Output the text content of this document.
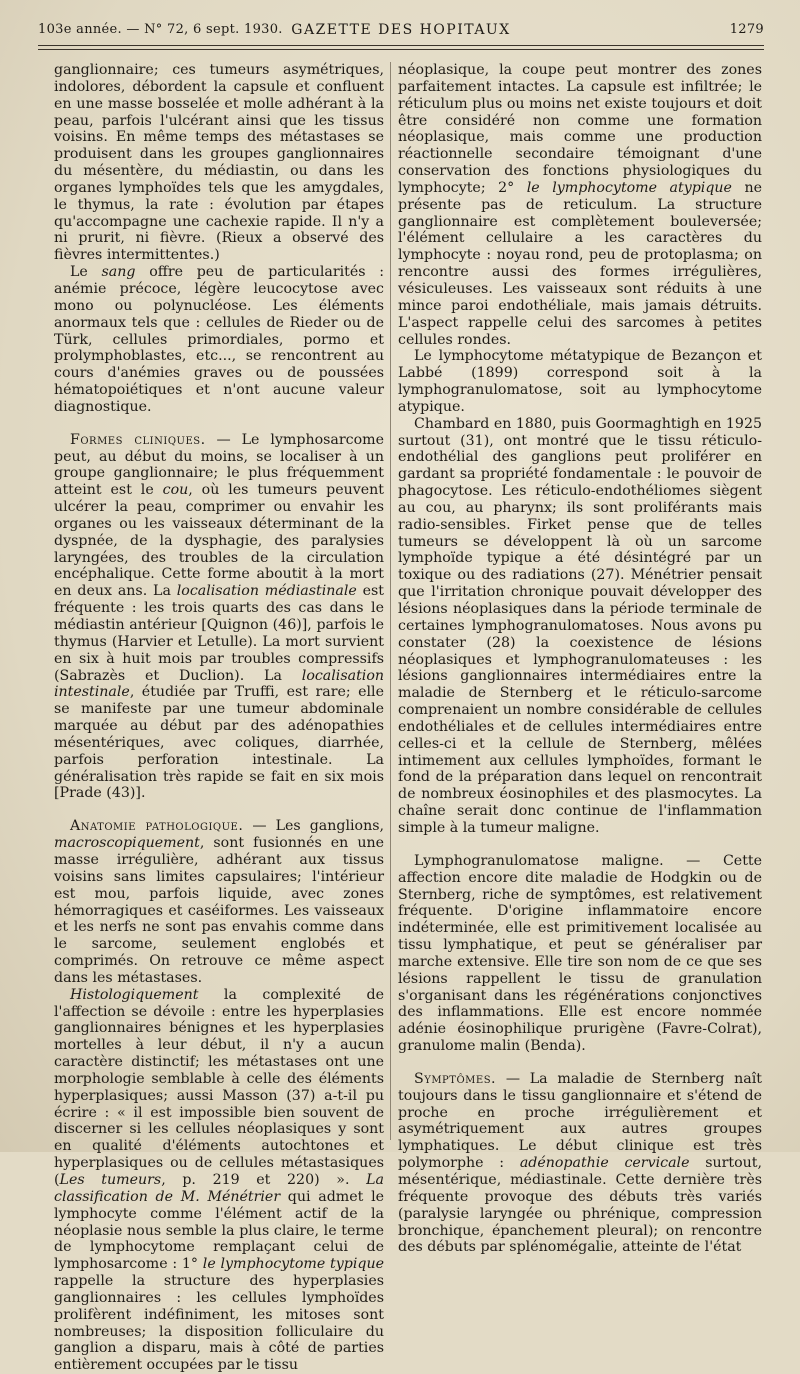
103e année. — N° 72, 6 sept. 1930. GAZETTE DES HOPITAUX	1279

ganglionnaire; ces tumeurs asymétriques, indolores, débordent la capsule et confluent en une masse bosselée et molle adhérant à la peau, parfois l'ulcérant ainsi que les tissus voisins. En même temps des métastases se produisent dans les groupes ganglionnaires du mésentère, du médiastin, ou dans les organes lymphoïdes tels que les amygdales, le thymus, la rate : évolution par étapes qu'accompagne une cachexie rapide. Il n'y a ni prurit, ni fièvre. (Rieux a observé des fièvres intermittentes.)

Le sang offre peu de particularités : anémie précoce, légère leucocytose avec mono ou polynucléose. Les éléments anormaux tels que : cellules de Rieder ou de Türk, cellules primordiales, pormo et prolymphoblastes, etc..., se rencontrent au cours d'anémies graves ou de poussées hématopoiétiques et n'ont aucune valeur diagnostique.

Formes cliniques. — Le lymphosarcome peut, au début du moins, se localiser à un groupe ganglionnaire; le plus fréquemment atteint est le cou, où les tumeurs peuvent ulcérer la peau, comprimer ou envahir les organes ou les vaisseaux déterminant de la dyspnée, de la dysphagie, des paralysies laryngées, des troubles de la circulation encéphalique. Cette forme aboutit à la mort en deux ans. La localisation médiastinale est fréquente : les trois quarts des cas dans le médiastin antérieur [Quignon (46)], parfois le thymus (Harvier et Letulle). La mort survient en six à huit mois par troubles compressifs (Sabrazès et Duclion). La localisation intestinale, étudiée par Truffi, est rare; elle se manifeste par une tumeur abdominale marquée au début par des adénopathies mésentériques, avec coliques, diarrhée, parfois perforation intestinale. La généralisation très rapide se fait en six mois [Prade (43)].

Anatomie pathologique. — Les ganglions, macroscopiquement, sont fusionnés en une masse irrégulière, adhérant aux tissus voisins sans limites capsulaires; l'intérieur est mou, parfois liquide, avec zones hémorragiques et caséiformes. Les vaisseaux et les nerfs ne sont pas envahis comme dans le sarcome, seulement englobés et comprimés. On retrouve ce même aspect dans les métastases.

Histologiquement la complexité de l'affection se dévoile : entre les hyperplasies ganglionnaires bénignes et les hyperplasies mortelles à leur début, il n'y a aucun caractère distinctif; les métastases ont une morphologie semblable à celle des éléments hyperplasiques; aussi Masson (37) a-t-il pu écrire : « il est impossible bien souvent de discerner si les cellules néoplasiques y sont en qualité d'éléments autochtones et hyperplasiques ou de cellules métastasiques (Les tumeurs, p. 219 et 220) ». La classification de M. Ménétrier qui admet le lymphocyte comme l'élément actif de la néoplasie nous semble la plus claire, le terme de lymphocytome remplaçant celui de lymphosarcome : 1° le lymphocytome typique rappelle la structure des hyperplasies ganglionnaires : les cellules lymphoïdes prolifèrent indéfiniment, les mitoses sont nombreuses; la disposition folliculaire du ganglion a disparu, mais à côté de parties entièrement occupées par le tissu

néoplasique, la coupe peut montrer des zones parfaitement intactes. La capsule est infiltrée; le réticulum plus ou moins net existe toujours et doit être considéré non comme une formation néoplasique, mais comme une production réactionnelle secondaire témoignant d'une conservation des fonctions physiologiques du lymphocyte; 2° le lymphocytome atypique ne présente pas de reticulum. La structure ganglionnaire est complètement bouleversée; l'élément cellulaire a les caractères du lymphocyte : noyau rond, peu de protoplasma; on rencontre aussi des formes irrégulières, vésiculeuses. Les vaisseaux sont réduits à une mince paroi endothéliale, mais jamais détruits. L'aspect rappelle celui des sarcomes à petites cellules rondes.

Le lymphocytome métatypique de Bezançon et Labbé (1899) correspond soit à la lymphogranulomatose, soit au lymphocytome atypique.

Chambard en 1880, puis Goormaghtigh en 1925 surtout (31), ont montré que le tissu réticulo-endothélial des ganglions peut proliférer en gardant sa propriété fondamentale : le pouvoir de phagocytose. Les réticulo-endothéliomes siègent au cou, au pharynx; ils sont proliférants mais radio-sensibles. Firket pense que de telles tumeurs se développent là où un sarcome lymphoïde typique a été désintégré par un toxique ou des radiations (27). Ménétrier pensait que l'irritation chronique pouvait développer des lésions néoplasiques dans la période terminale de certaines lymphogranulomatoses. Nous avons pu constater (28) la coexistence de lésions néoplasiques et lymphogranulomateuses : les lésions ganglionnaires intermédiaires entre la maladie de Sternberg et le réticulo-sarcome comprenaient un nombre considérable de cellules endothéliales et de cellules intermédiaires entre celles-ci et la cellule de Sternberg, mêlées intimement aux cellules lymphoïdes, formant le fond de la préparation dans lequel on rencontrait de nombreux éosinophiles et des plasmocytes. La chaîne serait donc continue de l'inflammation simple à la tumeur maligne.

Lymphogranulomatose maligne. — Cette affection encore dite maladie de Hodgkin ou de Sternberg, riche de symptômes, est relativement fréquente. D'origine inflammatoire encore indéterminée, elle est primitivement localisée au tissu lymphatique, et peut se généraliser par marche extensive. Elle tire son nom de ce que ses lésions rappellent le tissu de granulation s'organisant dans les régénérations conjonctives des inflammations. Elle est encore nommée adénie éosinophilique prurigène (Favre-Colrat), granulome malin (Benda).

Symptômes. — La maladie de Sternberg naît toujours dans le tissu ganglionnaire et s'étend de proche en proche irrégulièrement et asymétriquement aux autres groupes lymphatiques. Le début clinique est très polymorphe : adénopathie cervicale surtout, mésentérique, médiastinale. Cette dernière très fréquente provoque des débuts très variés (paralysie laryngée ou phrénique, compression bronchique, épanchement pleural); on rencontre des débuts par splénomégalie, atteinte de l'état
